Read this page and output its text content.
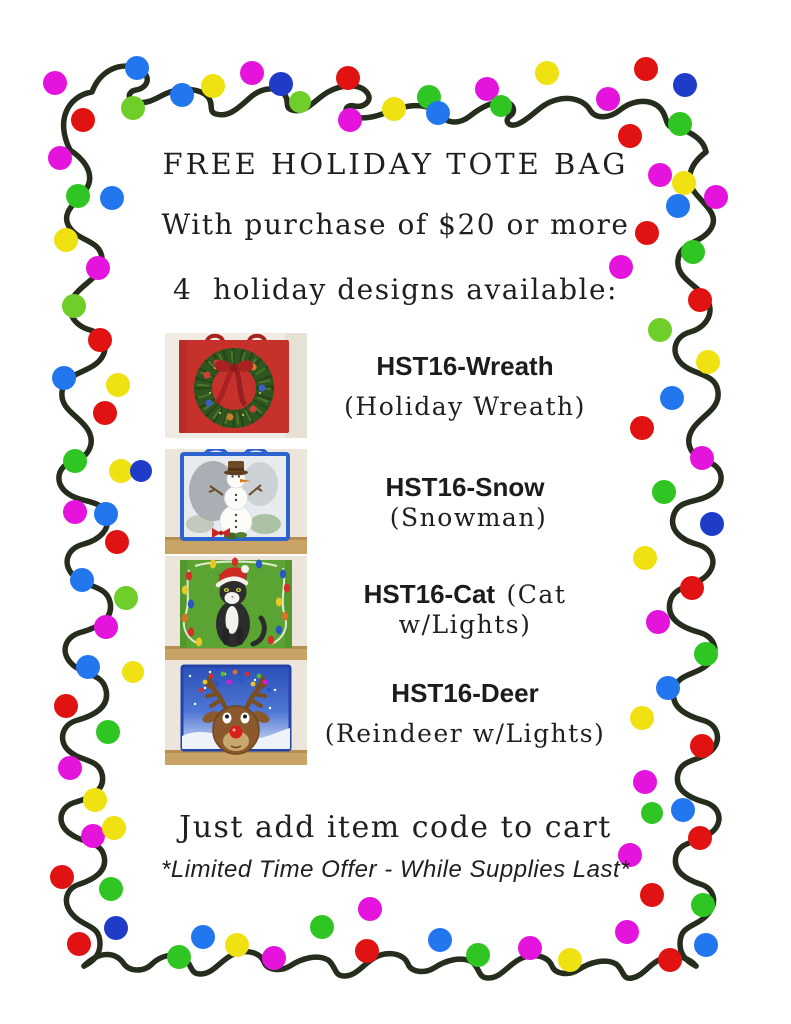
FREE HOLIDAY TOTE BAG
With purchase of $20 or more
4  holiday designs available:
HST16-Wreath
(Holiday Wreath)
HST16-Snow (Snowman)
HST16-Cat (Cat w/Lights)
HST16-Deer
(Reindeer w/Lights)
Just add item code to cart
*Limited Time Offer - While Supplies Last*
